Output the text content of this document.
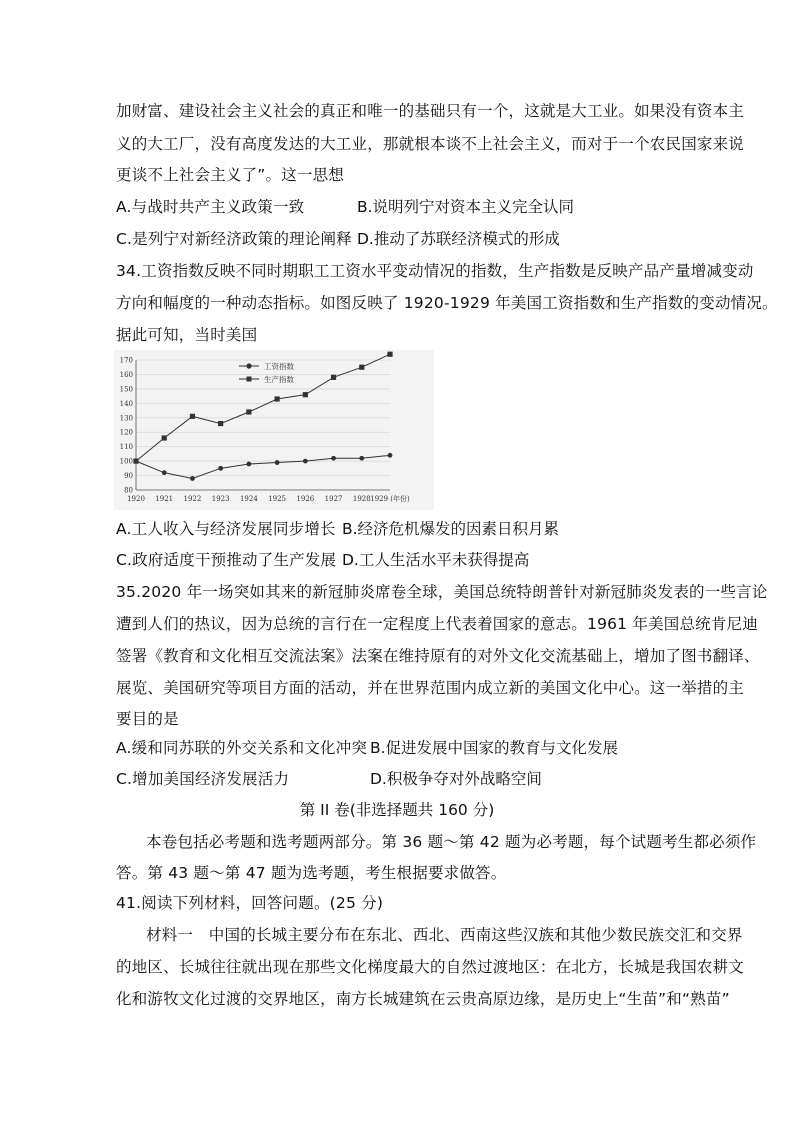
加财富、建设社会主义社会的真正和唯一的基础只有一个，这就是大工业。如果没有资本主
义的大工厂，没有高度发达的大工业，那就根本谈不上社会主义，而对于一个农民国家来说
更谈不上社会主义了”。这一思想
A.与战时共产主义政策一致	B.说明列宁对资本主义完全认同
C.是列宁对新经济政策的理论阐释 D.推动了苏联经济模式的形成
34.工资指数反映不同时期职工工资水平变动情况的指数，生产指数是反映产品产量增减变动
方向和幅度的一种动态指标。如图反映了 1920-1929 年美国工资指数和生产指数的变动情况。
据此可知，当时美国
80
90
100
110
120
130
140
150
160
170
1920 1921 1922 1923 1924 1925 1926 1927 1928 1929 (年份)
工资指数
生产指数
A.工人收入与经济发展同步增长 B.经济危机爆发的因素日积月累
C.政府适度干预推动了生产发展 D.工人生活水平未获得提高
35.2020 年一场突如其来的新冠肺炎席卷全球，美国总统特朗普针对新冠肺炎发表的一些言论
遭到人们的热议，因为总统的言行在一定程度上代表着国家的意志。1961 年美国总统肯尼迪
签署《教育和文化相互交流法案》法案在维持原有的对外文化交流基础上，增加了图书翻译、
展览、美国研究等项目方面的活动，并在世界范围内成立新的美国文化中心。这一举措的主
要目的是
A.缓和同苏联的外交关系和文化冲突 B.促进发展中国家的教育与文化发展
C.增加美国经济发展活力	D.积极争夺对外战略空间
第 II 卷(非选择题共 160 分)
本卷包括必考题和选考题两部分。第 36 题～第 42 题为必考题，每个试题考生都必须作
答。第 43 题～第 47 题为选考题，考生根据要求做答。
41.阅读下列材料，回答问题。(25 分)
材料一　中国的长城主要分布在东北、西北、西南这些汉族和其他少数民族交汇和交界
的地区、长城往往就出现在那些文化梯度最大的自然过渡地区：在北方，长城是我国农耕文
化和游牧文化过渡的交界地区，南方长城建筑在云贵高原边缘，是历史上“生苗”和“熟苗”
